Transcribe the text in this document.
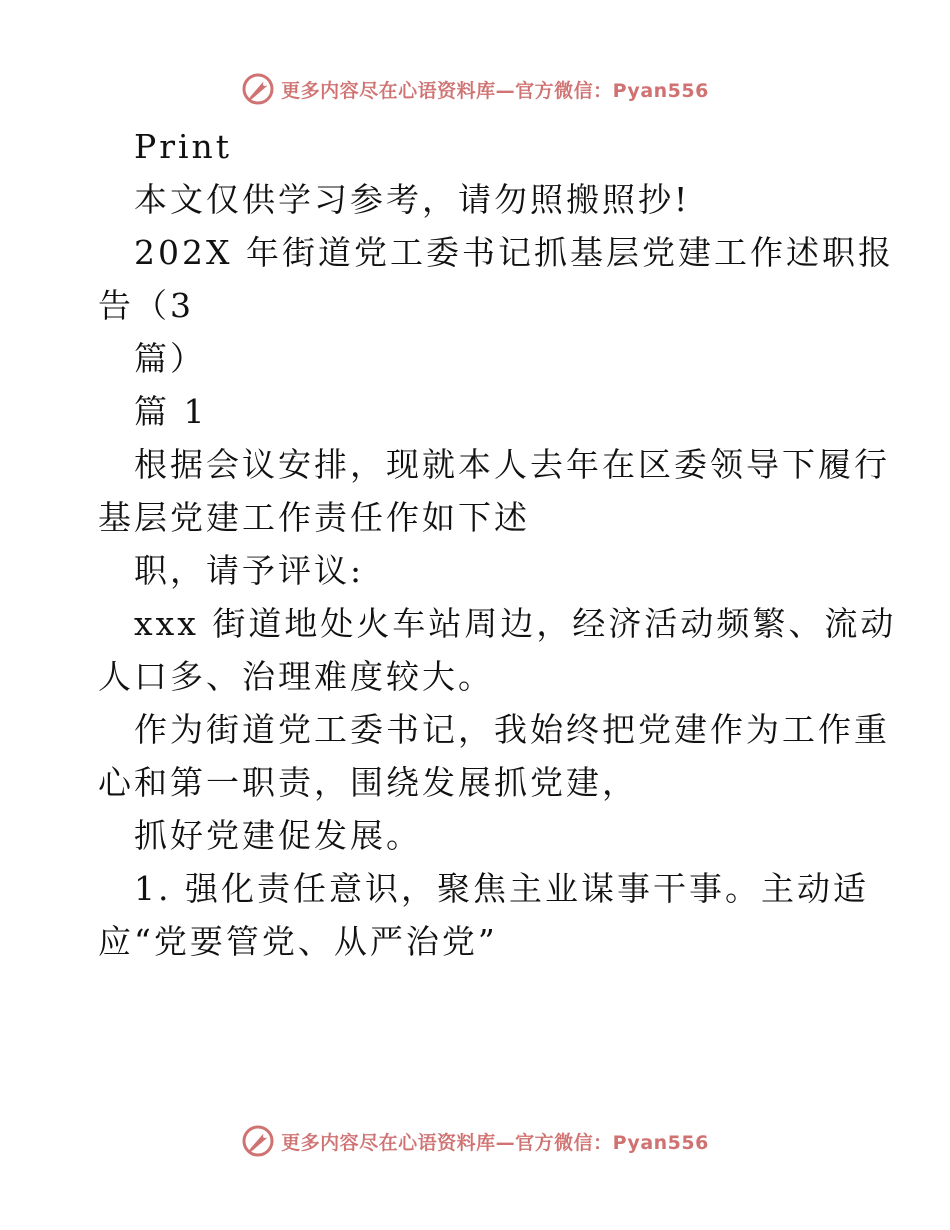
更多内容尽在心语资料库—官方微信：Pyan556

Print

本文仅供学习参考，请勿照搬照抄!

202X 年街道党工委书记抓基层党建工作述职报

告（3

篇）

篇 1

根据会议安排，现就本人去年在区委领导下履行

基层党建工作责任作如下述

职，请予评议:

xxx 街道地处火车站周边，经济活动频繁、流动

人口多、治理难度较大。

作为街道党工委书记，我始终把党建作为工作重

心和第一职责，围绕发展抓党建，

抓好党建促发展。

1. 强化责任意识，聚焦主业谋事干事。主动适

应“党要管党、从严治党”

更多内容尽在心语资料库—官方微信：Pyan556
